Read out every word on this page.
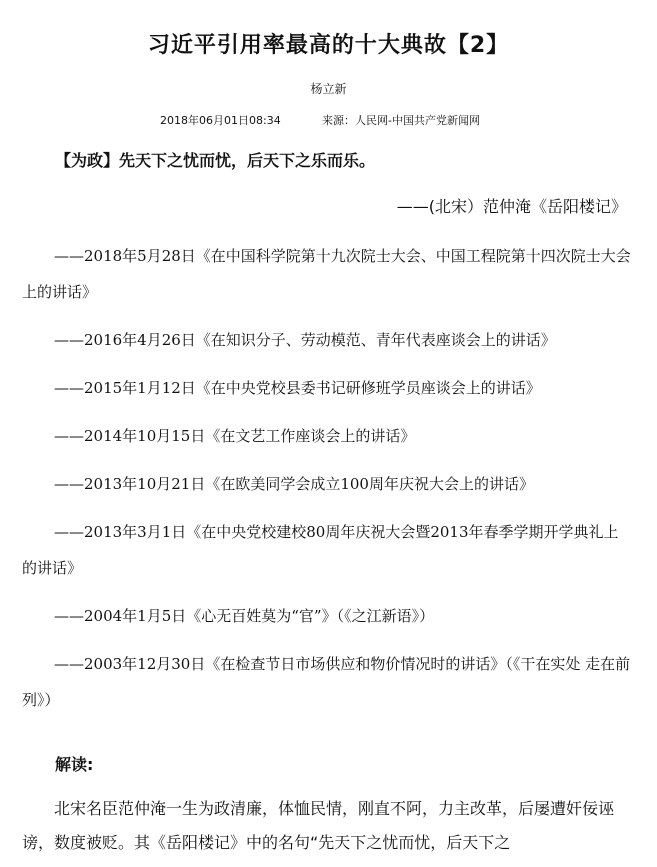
习近平引用率最高的十大典故【2】
杨立新
2018年06月01日08:34	来源：人民网-中国共产党新闻网
【为政】先天下之忧而忧，后天下之乐而乐。
——(北宋）范仲淹《岳阳楼记》

——2018年5月28日《在中国科学院第十九次院士大会、中国工程院第十四次院士大会上的讲话》

——2016年4月26日《在知识分子、劳动模范、青年代表座谈会上的讲话》

——2015年1月12日《在中央党校县委书记研修班学员座谈会上的讲话》

——2014年10月15日《在文艺工作座谈会上的讲话》

——2013年10月21日《在欧美同学会成立100周年庆祝大会上的讲话》

——2013年3月1日《在中央党校建校80周年庆祝大会暨2013年春季学期开学典礼上的讲话》

——2004年1月5日《心无百姓莫为“官”》（《之江新语》）

——2003年12月30日《在检查节日市场供应和物价情况时的讲话》（《干在实处 走在前列》）

解读:

北宋名臣范仲淹一生为政清廉，体恤民情，刚直不阿，力主改革，后屡遭奸佞诬谤，数度被贬。其《岳阳楼记》中的名句“先天下之忧而忧，后天下之
